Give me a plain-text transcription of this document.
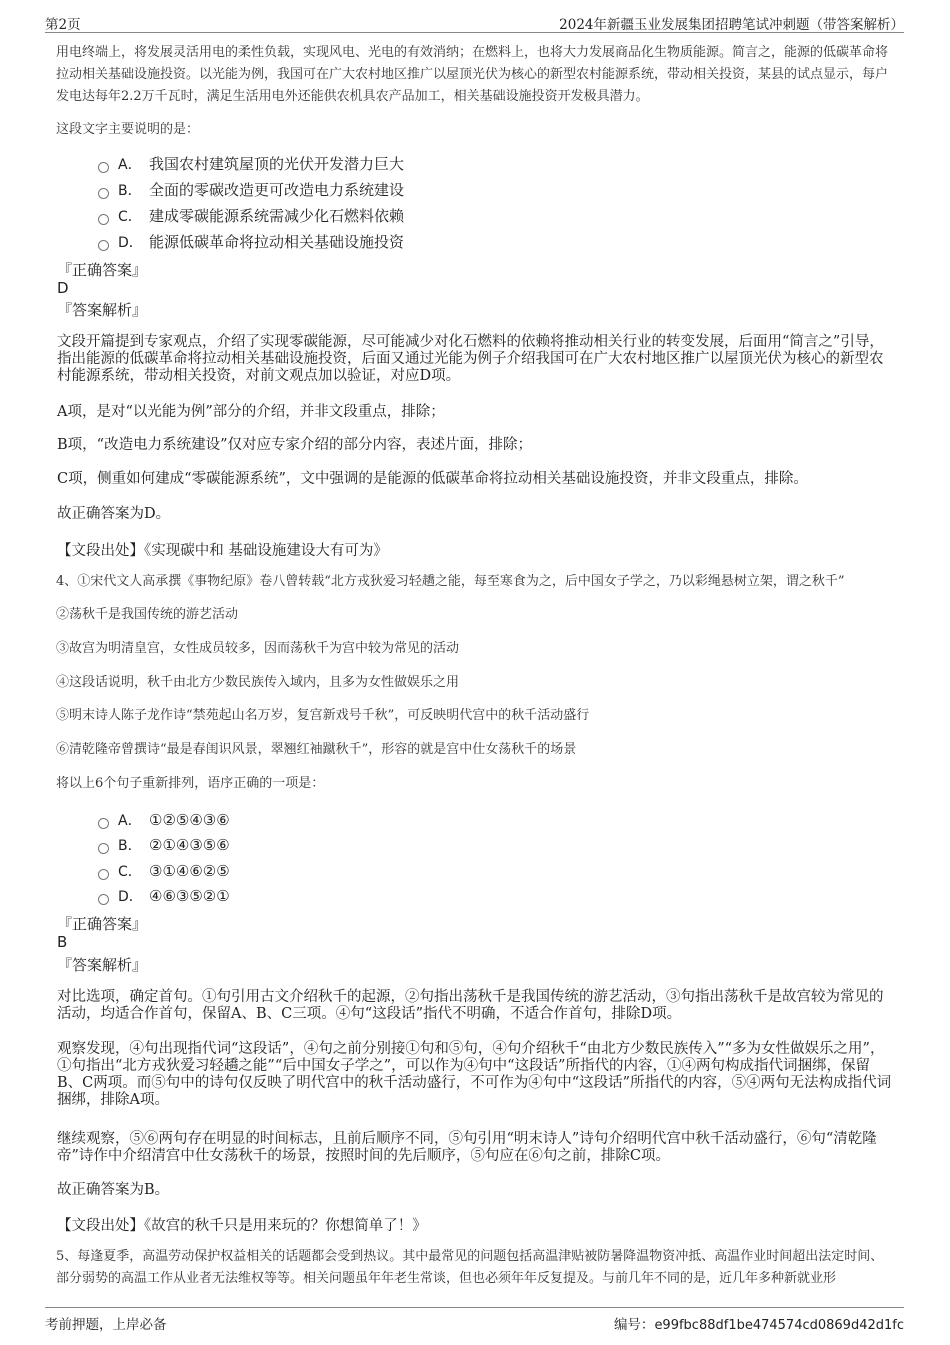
第2页	2024年新疆玉业发展集团招聘笔试冲刺题（带答案解析）
用电终端上，将发展灵活用电的柔性负载，实现风电、光电的有效消纳；在燃料上，也将大力发展商品化生物质能源。简言之，能源的低碳革命将拉动相关基础设施投资。以光能为例，我国可在广大农村地区推广以屋顶光伏为核心的新型农村能源系统，带动相关投资，某县的试点显示，每户发电达每年2.2万千瓦时，满足生活用电外还能供农机具农产品加工，相关基础设施投资开发极具潜力。
这段文字主要说明的是：
A． 我国农村建筑屋顶的光伏开发潜力巨大
B． 全面的零碳改造更可改造电力系统建设
C． 建成零碳能源系统需减少化石燃料依赖
D． 能源低碳革命将拉动相关基础设施投资
『正确答案』
D
『答案解析』
文段开篇提到专家观点，介绍了实现零碳能源，尽可能减少对化石燃料的依赖将推动相关行业的转变发展，后面用“简言之”引导，指出能源的低碳革命将拉动相关基础设施投资，后面又通过光能为例子介绍我国可在广大农村地区推广以屋顶光伏为核心的新型农村能源系统，带动相关投资，对前文观点加以验证，对应D项。
A项，是对“以光能为例”部分的介绍，并非文段重点，排除；
B项，“改造电力系统建设”仅对应专家介绍的部分内容，表述片面，排除；
C项，侧重如何建成“零碳能源系统”，文中强调的是能源的低碳革命将拉动相关基础设施投资，并非文段重点，排除。
故正确答案为D。
【文段出处】《实现碳中和 基础设施建设大有可为》
4、①宋代文人高承撰《事物纪原》卷八曾转载“北方戎狄爱习轻趫之能，每至寒食为之，后中国女子学之，乃以彩绳悬树立架，谓之秋千”
②荡秋千是我国传统的游艺活动
③故宫为明清皇宫，女性成员较多，因而荡秋千为宫中较为常见的活动
④这段话说明，秋千由北方少数民族传入域内，且多为女性做娱乐之用
⑤明末诗人陈子龙作诗“禁苑起山名万岁，复宫新戏号千秋”，可反映明代宫中的秋千活动盛行
⑥清乾隆帝曾撰诗“最是春闺识风景，翠翘红袖蹴秋千”，形容的就是宫中仕女荡秋千的场景
将以上6个句子重新排列，语序正确的一项是：
A． ①②⑤④③⑥
B． ②①④③⑤⑥
C． ③①④⑥②⑤
D． ④⑥③⑤②①
『正确答案』
B
『答案解析』
对比选项，确定首句。①句引用古文介绍秋千的起源，②句指出荡秋千是我国传统的游艺活动，③句指出荡秋千是故宫较为常见的活动，均适合作首句，保留A、B、C三项。④句“这段话”指代不明确，不适合作首句，排除D项。
观察发现，④句出现指代词“这段话”，④句之前分别接①句和⑤句，④句介绍秋千“由北方少数民族传入”“多为女性做娱乐之用”，①句指出“北方戎狄爱习轻趫之能”“后中国女子学之”，可以作为④句中“这段话”所指代的内容，①④两句构成指代词捆绑，保留B、C两项。而⑤句中的诗句仅反映了明代宫中的秋千活动盛行，不可作为④句中“这段话”所指代的内容，⑤④两句无法构成指代词捆绑，排除A项。
继续观察，⑤⑥两句存在明显的时间标志，且前后顺序不同，⑤句引用“明末诗人”诗句介绍明代宫中秋千活动盛行，⑥句“清乾隆帝”诗作中介绍清宫中仕女荡秋千的场景，按照时间的先后顺序，⑤句应在⑥句之前，排除C项。
故正确答案为B。
【文段出处】《故宫的秋千只是用来玩的？你想简单了！》
5、每逢夏季，高温劳动保护权益相关的话题都会受到热议。其中最常见的问题包括高温津贴被防暑降温物资冲抵、高温作业时间超出法定时间、部分弱势的高温工作从业者无法维权等等。相关问题虽年年老生常谈，但也必须年年反复提及。与前几年不同的是，近几年多种新就业形
考前押题，上岸必备	编号：e99fbc88df1be474574cd0869d42d1fc
